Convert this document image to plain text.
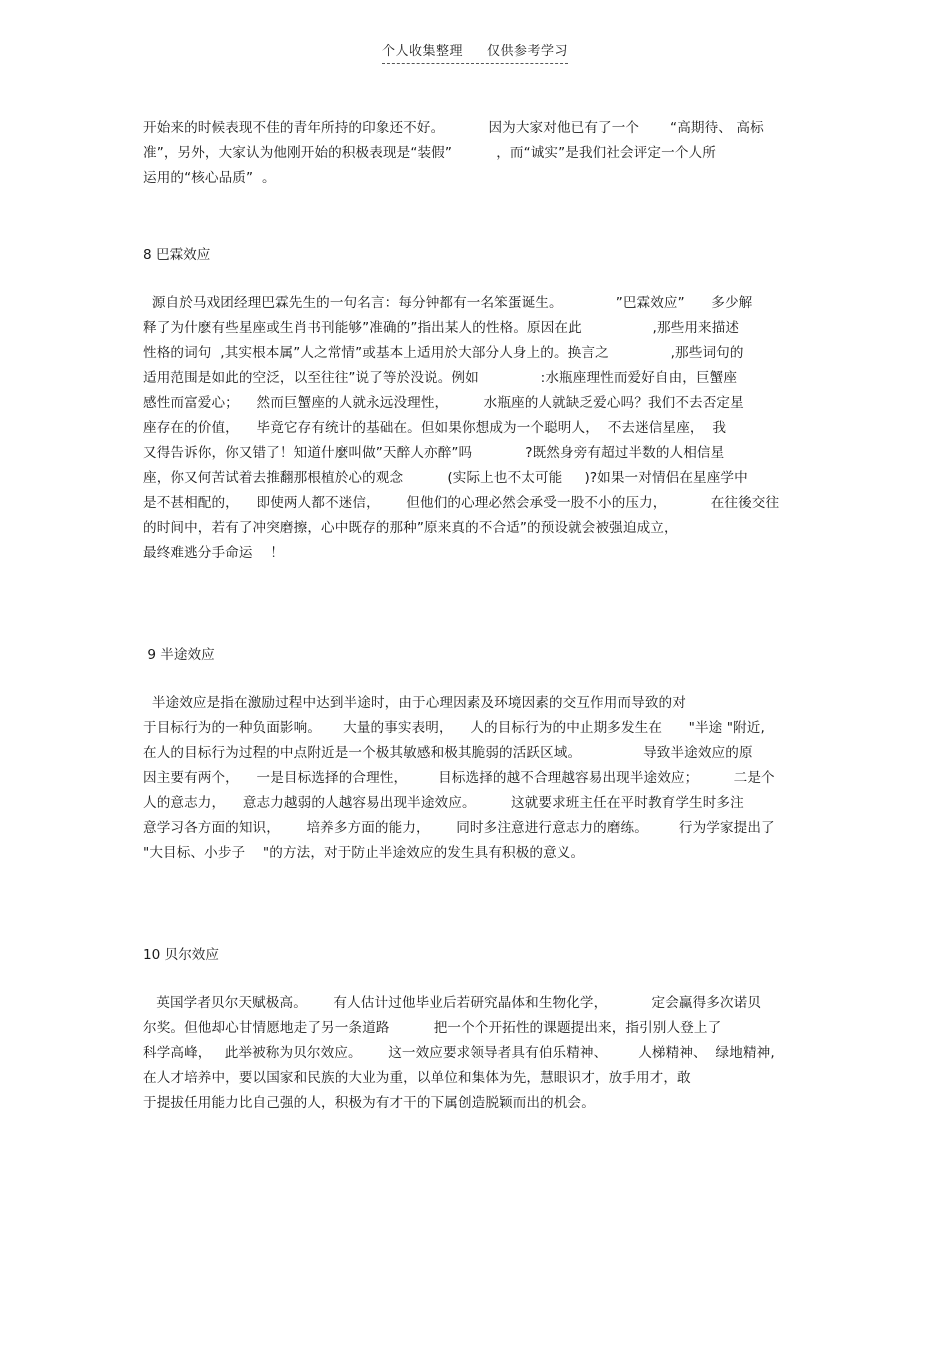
个人收集整理 仅供参考学习
开始来的时候表现不佳的青年所持的印象还不好。          因为大家对他已有了一个       “高期待、 高标
准”，另外，大家认为他刚开始的积极表现是“装假”          ，而“诚实”是我们社会评定一个人所
运用的“核心品质”  。
8 巴霖效应
源自於马戏团经理巴霖先生的一句名言：每分钟都有一名笨蛋诞生。            ”巴霖效应”      多少解
释了为什麽有些星座或生肖书刊能够”准确的”指出某人的性格。原因在此                ,那些用来描述
性格的词句  ,其实根本属”人之常情”或基本上适用於大部分人身上的。换言之              ,那些词句的
适用范围是如此的空泛，以至往往”说了等於没说。例如              :水瓶座理性而爱好自由，巨蟹座
感性而富爱心；    然而巨蟹座的人就永远没理性，        水瓶座的人就缺乏爱心吗？我们不去否定星
座存在的价值，    毕竟它存有统计的基础在。但如果你想成为一个聪明人，  不去迷信星座，  我
又得告诉你，你又错了！知道什麼叫做”天醉人亦醉”吗            ?既然身旁有超过半数的人相信星
座，你又何苦试着去推翻那根植於心的观念          (实际上也不太可能     )?如果一对情侣在星座学中
是不甚相配的，    即使两人都不迷信，      但他们的心理必然会承受一股不小的压力，          在往後交往
的时间中，若有了冲突磨擦，心中既存的那种”原来真的不合适”的预设就会被强迫成立，
最终难逃分手命运    ！
9 半途效应
半途效应是指在激励过程中达到半途时，由于心理因素及环境因素的交互作用而导致的对
于目标行为的一种负面影响。     大量的事实表明，    人的目标行为的中止期多发生在      "半途 "附近,
在人的目标行为过程的中点附近是一个极其敏感和极其脆弱的活跃区域。              导致半途效应的原
因主要有两个，    一是目标选择的合理性，       目标选择的越不合理越容易出现半途效应；        二是个
人的意志力，    意志力越弱的人越容易出现半途效应。        这就要求班主任在平时教育学生时多注
意学习各方面的知识，      培养多方面的能力，      同时多注意进行意志力的磨练。       行为学家提出了
"大目标、小步子    "的方法，对于防止半途效应的发生具有积极的意义。
10 贝尔效应
英国学者贝尔天赋极高。      有人估计过他毕业后若研究晶体和生物化学，          定会赢得多次诺贝
尔奖。但他却心甘情愿地走了另一条道路          把一个个开拓性的课题提出来，指引别人登上了
科学高峰，   此举被称为贝尔效应。      这一效应要求领导者具有伯乐精神、       人梯精神、  绿地精神,
在人才培养中，要以国家和民族的大业为重，以单位和集体为先，慧眼识才，放手用才，敢
于提拔任用能力比自己强的人，积极为有才干的下属创造脱颖而出的机会。
